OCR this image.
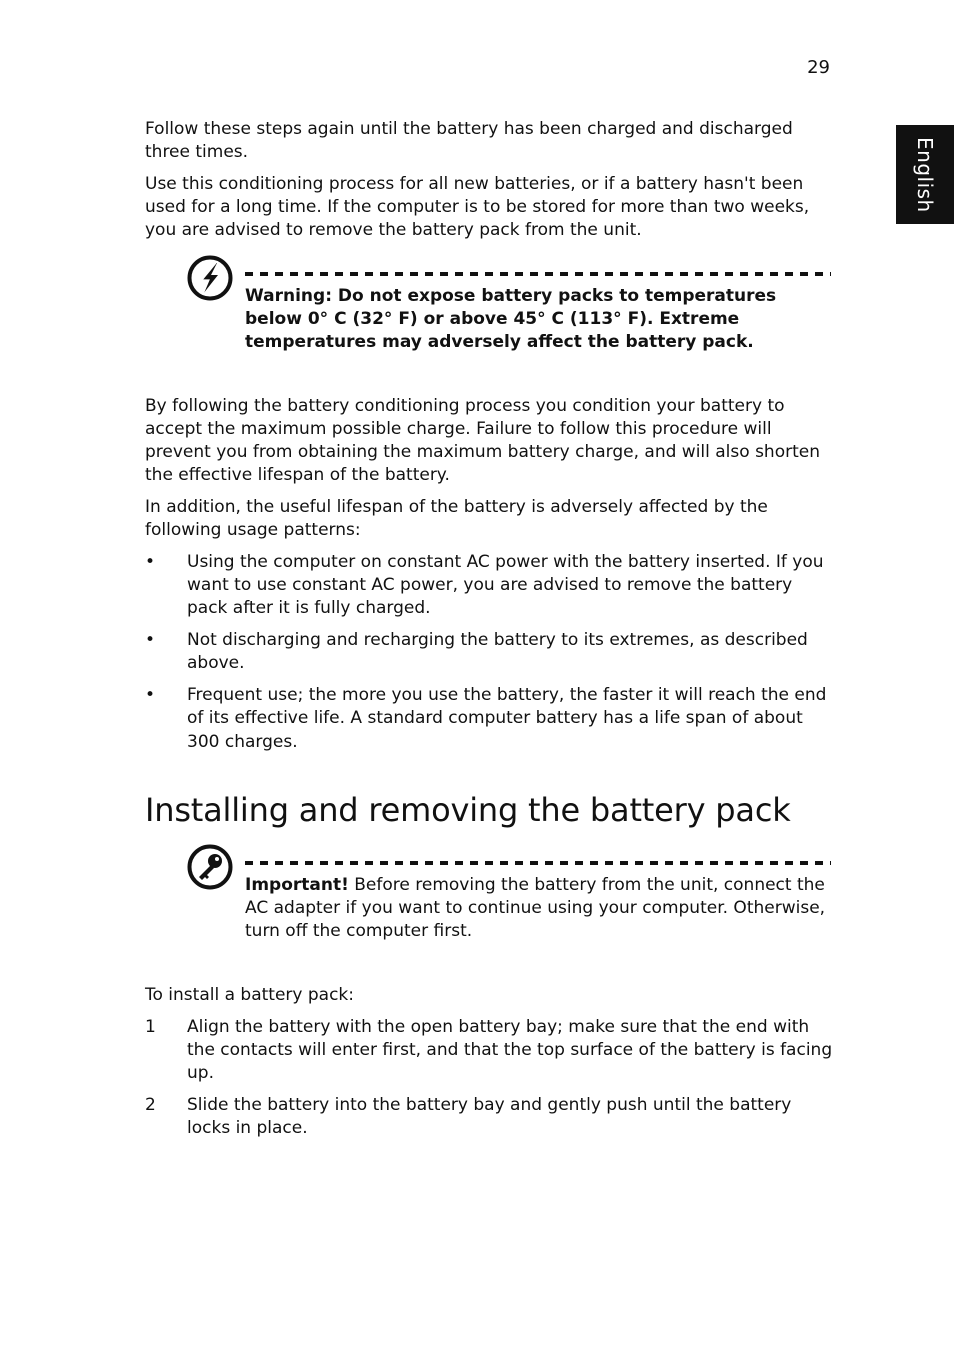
29
English

Follow these steps again until the battery has been charged and discharged three times.

Use this conditioning process for all new batteries, or if a battery hasn't been used for a long time. If the computer is to be stored for more than two weeks, you are advised to remove the battery pack from the unit.

Warning: Do not expose battery packs to temperatures below 0° C (32° F) or above 45° C (113° F). Extreme temperatures may adversely affect the battery pack.

By following the battery conditioning process you condition your battery to accept the maximum possible charge. Failure to follow this procedure will prevent you from obtaining the maximum battery charge, and will also shorten the effective lifespan of the battery.

In addition, the useful lifespan of the battery is adversely affected by the following usage patterns:

• Using the computer on constant AC power with the battery inserted. If you want to use constant AC power, you are advised to remove the battery pack after it is fully charged.
• Not discharging and recharging the battery to its extremes, as described above.
• Frequent use; the more you use the battery, the faster it will reach the end of its effective life. A standard computer battery has a life span of about 300 charges.
Installing and removing the battery pack

Important! Before removing the battery from the unit, connect the AC adapter if you want to continue using your computer. Otherwise, turn off the computer first.

To install a battery pack:

1 Align the battery with the open battery bay; make sure that the end with the contacts will enter first, and that the top surface of the battery is facing up.
2 Slide the battery into the battery bay and gently push until the battery locks in place.
